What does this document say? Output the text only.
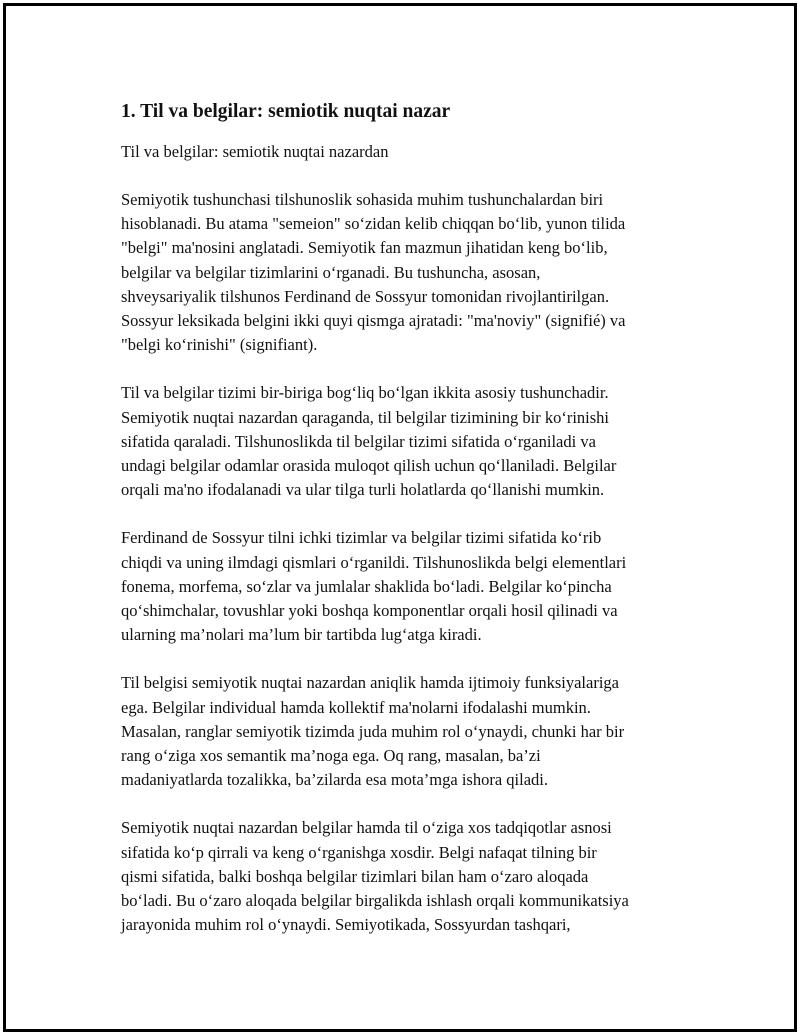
1. Til va belgilar: semiotik nuqtai nazar

Til va belgilar: semiotik nuqtai nazardan

Semiyotik tushunchasi tilshunoslik sohasida muhim tushunchalardan biri
hisoblanadi. Bu atama "semeion" so‘zidan kelib chiqqan bo‘lib, yunon tilida
"belgi" ma'nosini anglatadi. Semiyotik fan mazmun jihatidan keng bo‘lib,
belgilar va belgilar tizimlarini o‘rganadi. Bu tushuncha, asosan,
shveysariyalik tilshunos Ferdinand de Sossyur tomonidan rivojlantirilgan.
Sossyur leksikada belgini ikki quyi qismga ajratadi: "ma'noviy" (signifié) va
"belgi ko‘rinishi" (signifiant).
Til va belgilar tizimi bir-biriga bog‘liq bo‘lgan ikkita asosiy tushunchadir.
Semiyotik nuqtai nazardan qaraganda, til belgilar tizimining bir ko‘rinishi
sifatida qaraladi. Tilshunoslikda til belgilar tizimi sifatida o‘rganiladi va
undagi belgilar odamlar orasida muloqot qilish uchun qo‘llaniladi. Belgilar
orqali ma'no ifodalanadi va ular tilga turli holatlarda qo‘llanishi mumkin.
Ferdinand de Sossyur tilni ichki tizimlar va belgilar tizimi sifatida ko‘rib
chiqdi va uning ilmdagi qismlari o‘rganildi. Tilshunoslikda belgi elementlari
fonema, morfema, so‘zlar va jumlalar shaklida bo‘ladi. Belgilar ko‘pincha
qo‘shimchalar, tovushlar yoki boshqa komponentlar orqali hosil qilinadi va
ularning ma’nolari ma’lum bir tartibda lug‘atga kiradi.
Til belgisi semiyotik nuqtai nazardan aniqlik hamda ijtimoiy funksiyalariga
ega. Belgilar individual hamda kollektif ma'nolarni ifodalashi mumkin.
Masalan, ranglar semiyotik tizimda juda muhim rol o‘ynaydi, chunki har bir
rang o‘ziga xos semantik ma’noga ega. Oq rang, masalan, ba’zi
madaniyatlarda tozalikka, ba’zilarda esa mota’mga ishora qiladi.
Semiyotik nuqtai nazardan belgilar hamda til o‘ziga xos tadqiqotlar asnosi
sifatida ko‘p qirrali va keng o‘rganishga xosdir. Belgi nafaqat tilning bir
qismi sifatida, balki boshqa belgilar tizimlari bilan ham o‘zaro aloqada
bo‘ladi. Bu o‘zaro aloqada belgilar birgalikda ishlash orqali kommunikatsiya
jarayonida muhim rol o‘ynaydi. Semiyotikada, Sossyurdan tashqari,
